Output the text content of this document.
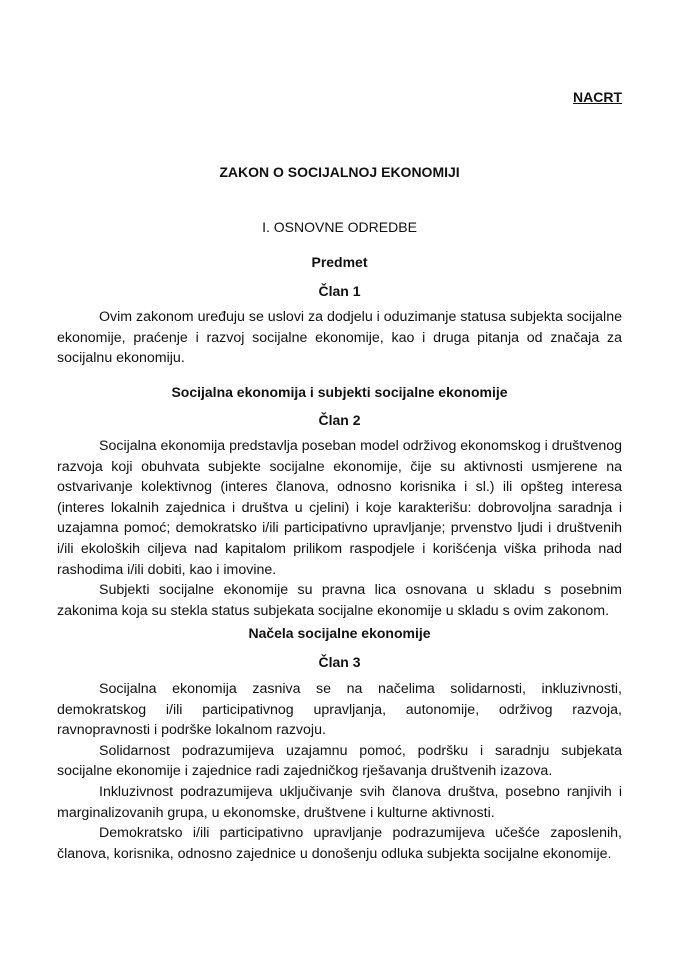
NACRT
ZAKON O SOCIJALNOJ EKONOMIJI
I. OSNOVNE ODREDBE
Predmet
Član 1

Ovim zakonom uređuju se uslovi za dodjelu i oduzimanje statusa subjekta socijalne ekonomije, praćenje i razvoj socijalne ekonomije, kao i druga pitanja od značaja za socijalnu ekonomiju.

Socijalna ekonomija i subjekti socijalne ekonomije
Član 2

Socijalna ekonomija predstavlja poseban model održivog ekonomskog i društvenog razvoja koji obuhvata subjekte socijalne ekonomije, čije su aktivnosti usmjerene na ostvarivanje kolektivnog (interes članova, odnosno korisnika i sl.) ili opšteg interesa (interes lokalnih zajednica i društva u cjelini) i koje karakterišu: dobrovoljna saradnja i uzajamna pomoć; demokratsko i/ili participativno upravljanje; prvenstvo ljudi i društvenih i/ili ekoloških ciljeva nad kapitalom prilikom raspodjele i korišćenja viška prihoda nad rashodima i/ili dobiti, kao i imovine.

Subjekti socijalne ekonomije su pravna lica osnovana u skladu s posebnim zakonima koja su stekla status subjekata socijalne ekonomije u skladu s ovim zakonom.

Načela socijalne ekonomije
Član 3

Socijalna ekonomija zasniva se na načelima solidarnosti, inkluzivnosti, demokratskog i/ili participativnog upravljanja, autonomije, održivog razvoja, ravnopravnosti i podrške lokalnom razvoju.

Solidarnost podrazumijeva uzajamnu pomoć, podršku i saradnju subjekata socijalne ekonomije i zajednice radi zajedničkog rješavanja društvenih izazova.

Inkluzivnost podrazumijeva uključivanje svih članova društva, posebno ranjivih i marginalizovanih grupa, u ekonomske, društvene i kulturne aktivnosti.

Demokratsko i/ili participativno upravljanje podrazumijeva učešće zaposlenih, članova, korisnika, odnosno zajednice u donošenju odluka subjekta socijalne ekonomije.
